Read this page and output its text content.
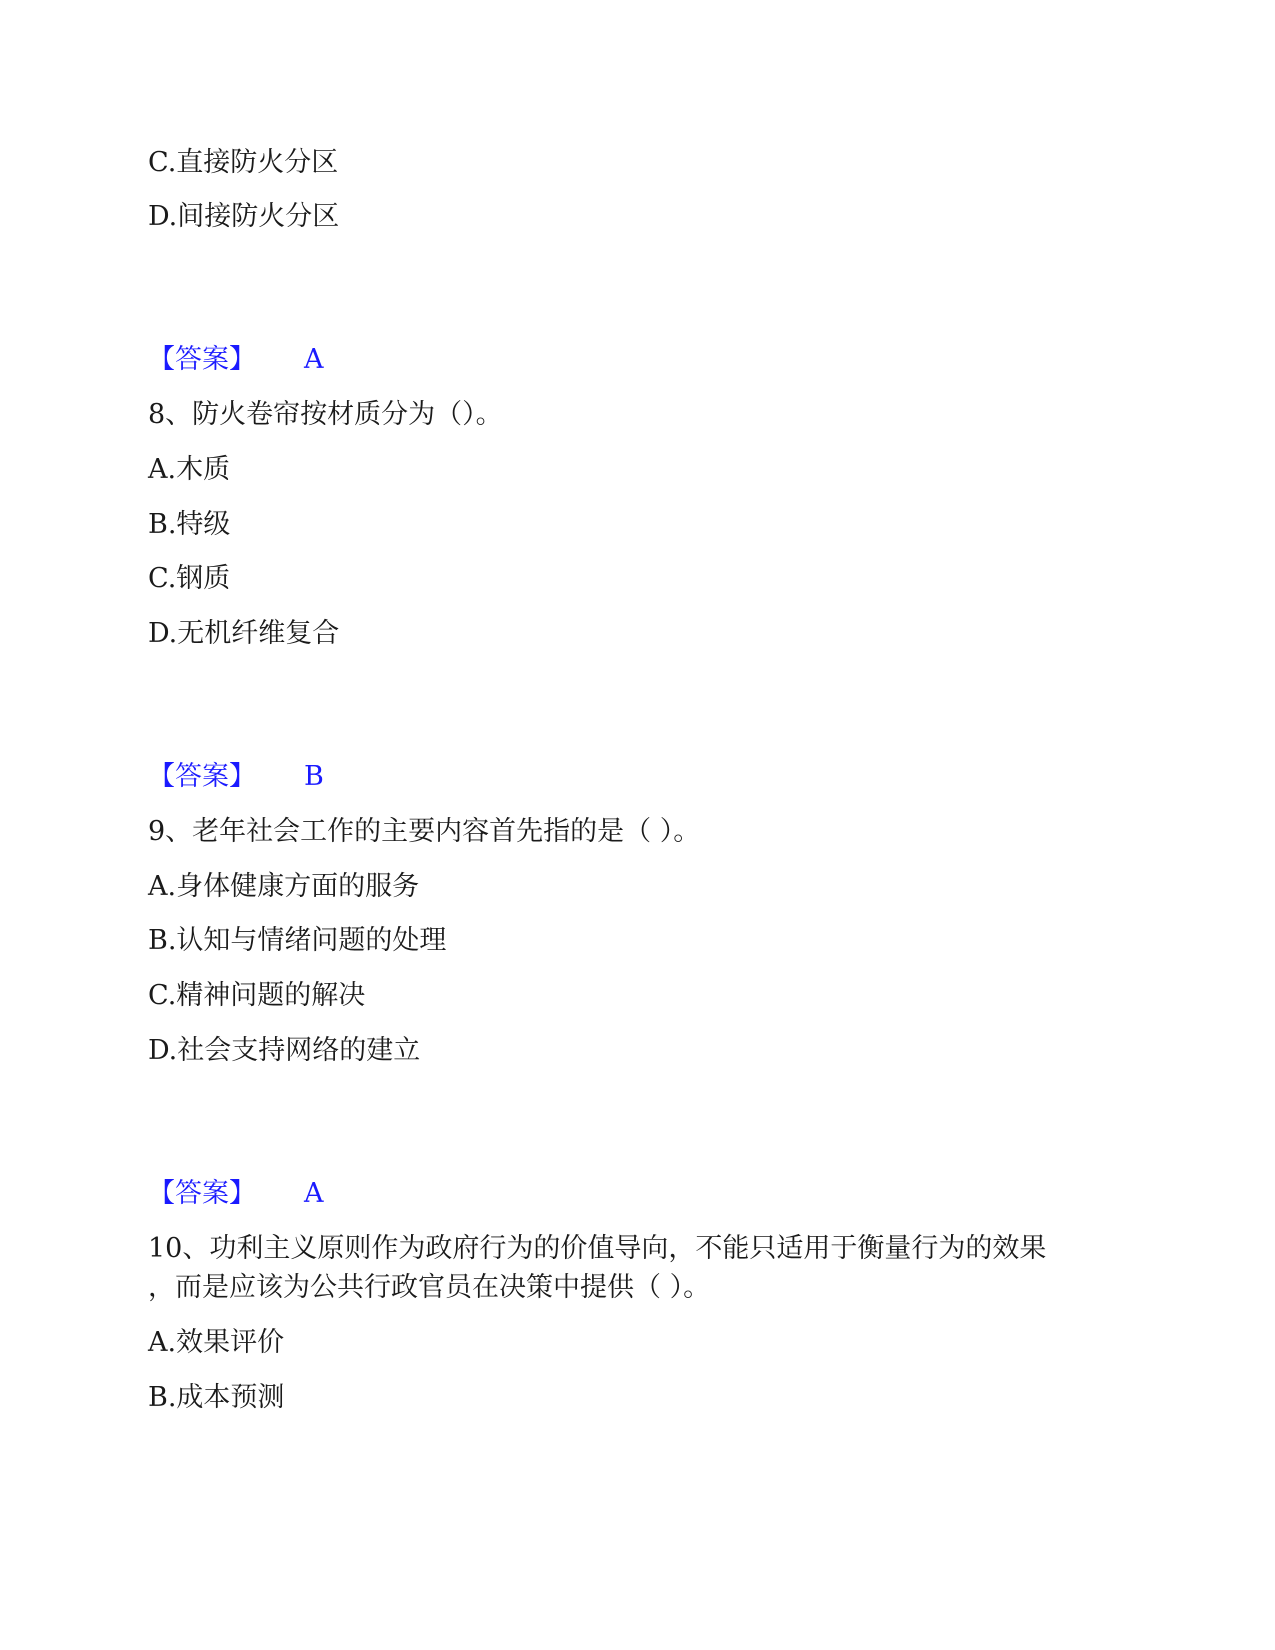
C.直接防火分区
D.间接防火分区
【答案】 A
8、防火卷帘按材质分为（）。
A.木质
B.特级
C.钢质
D.无机纤维复合
【答案】 B
9、老年社会工作的主要内容首先指的是（ ）。
A.身体健康方面的服务
B.认知与情绪问题的处理
C.精神问题的解决
D.社会支持网络的建立
【答案】 A
10、功利主义原则作为政府行为的价值导向，不能只适用于衡量行为的效果
，而是应该为公共行政官员在决策中提供（ ）。
A.效果评价
B.成本预测
